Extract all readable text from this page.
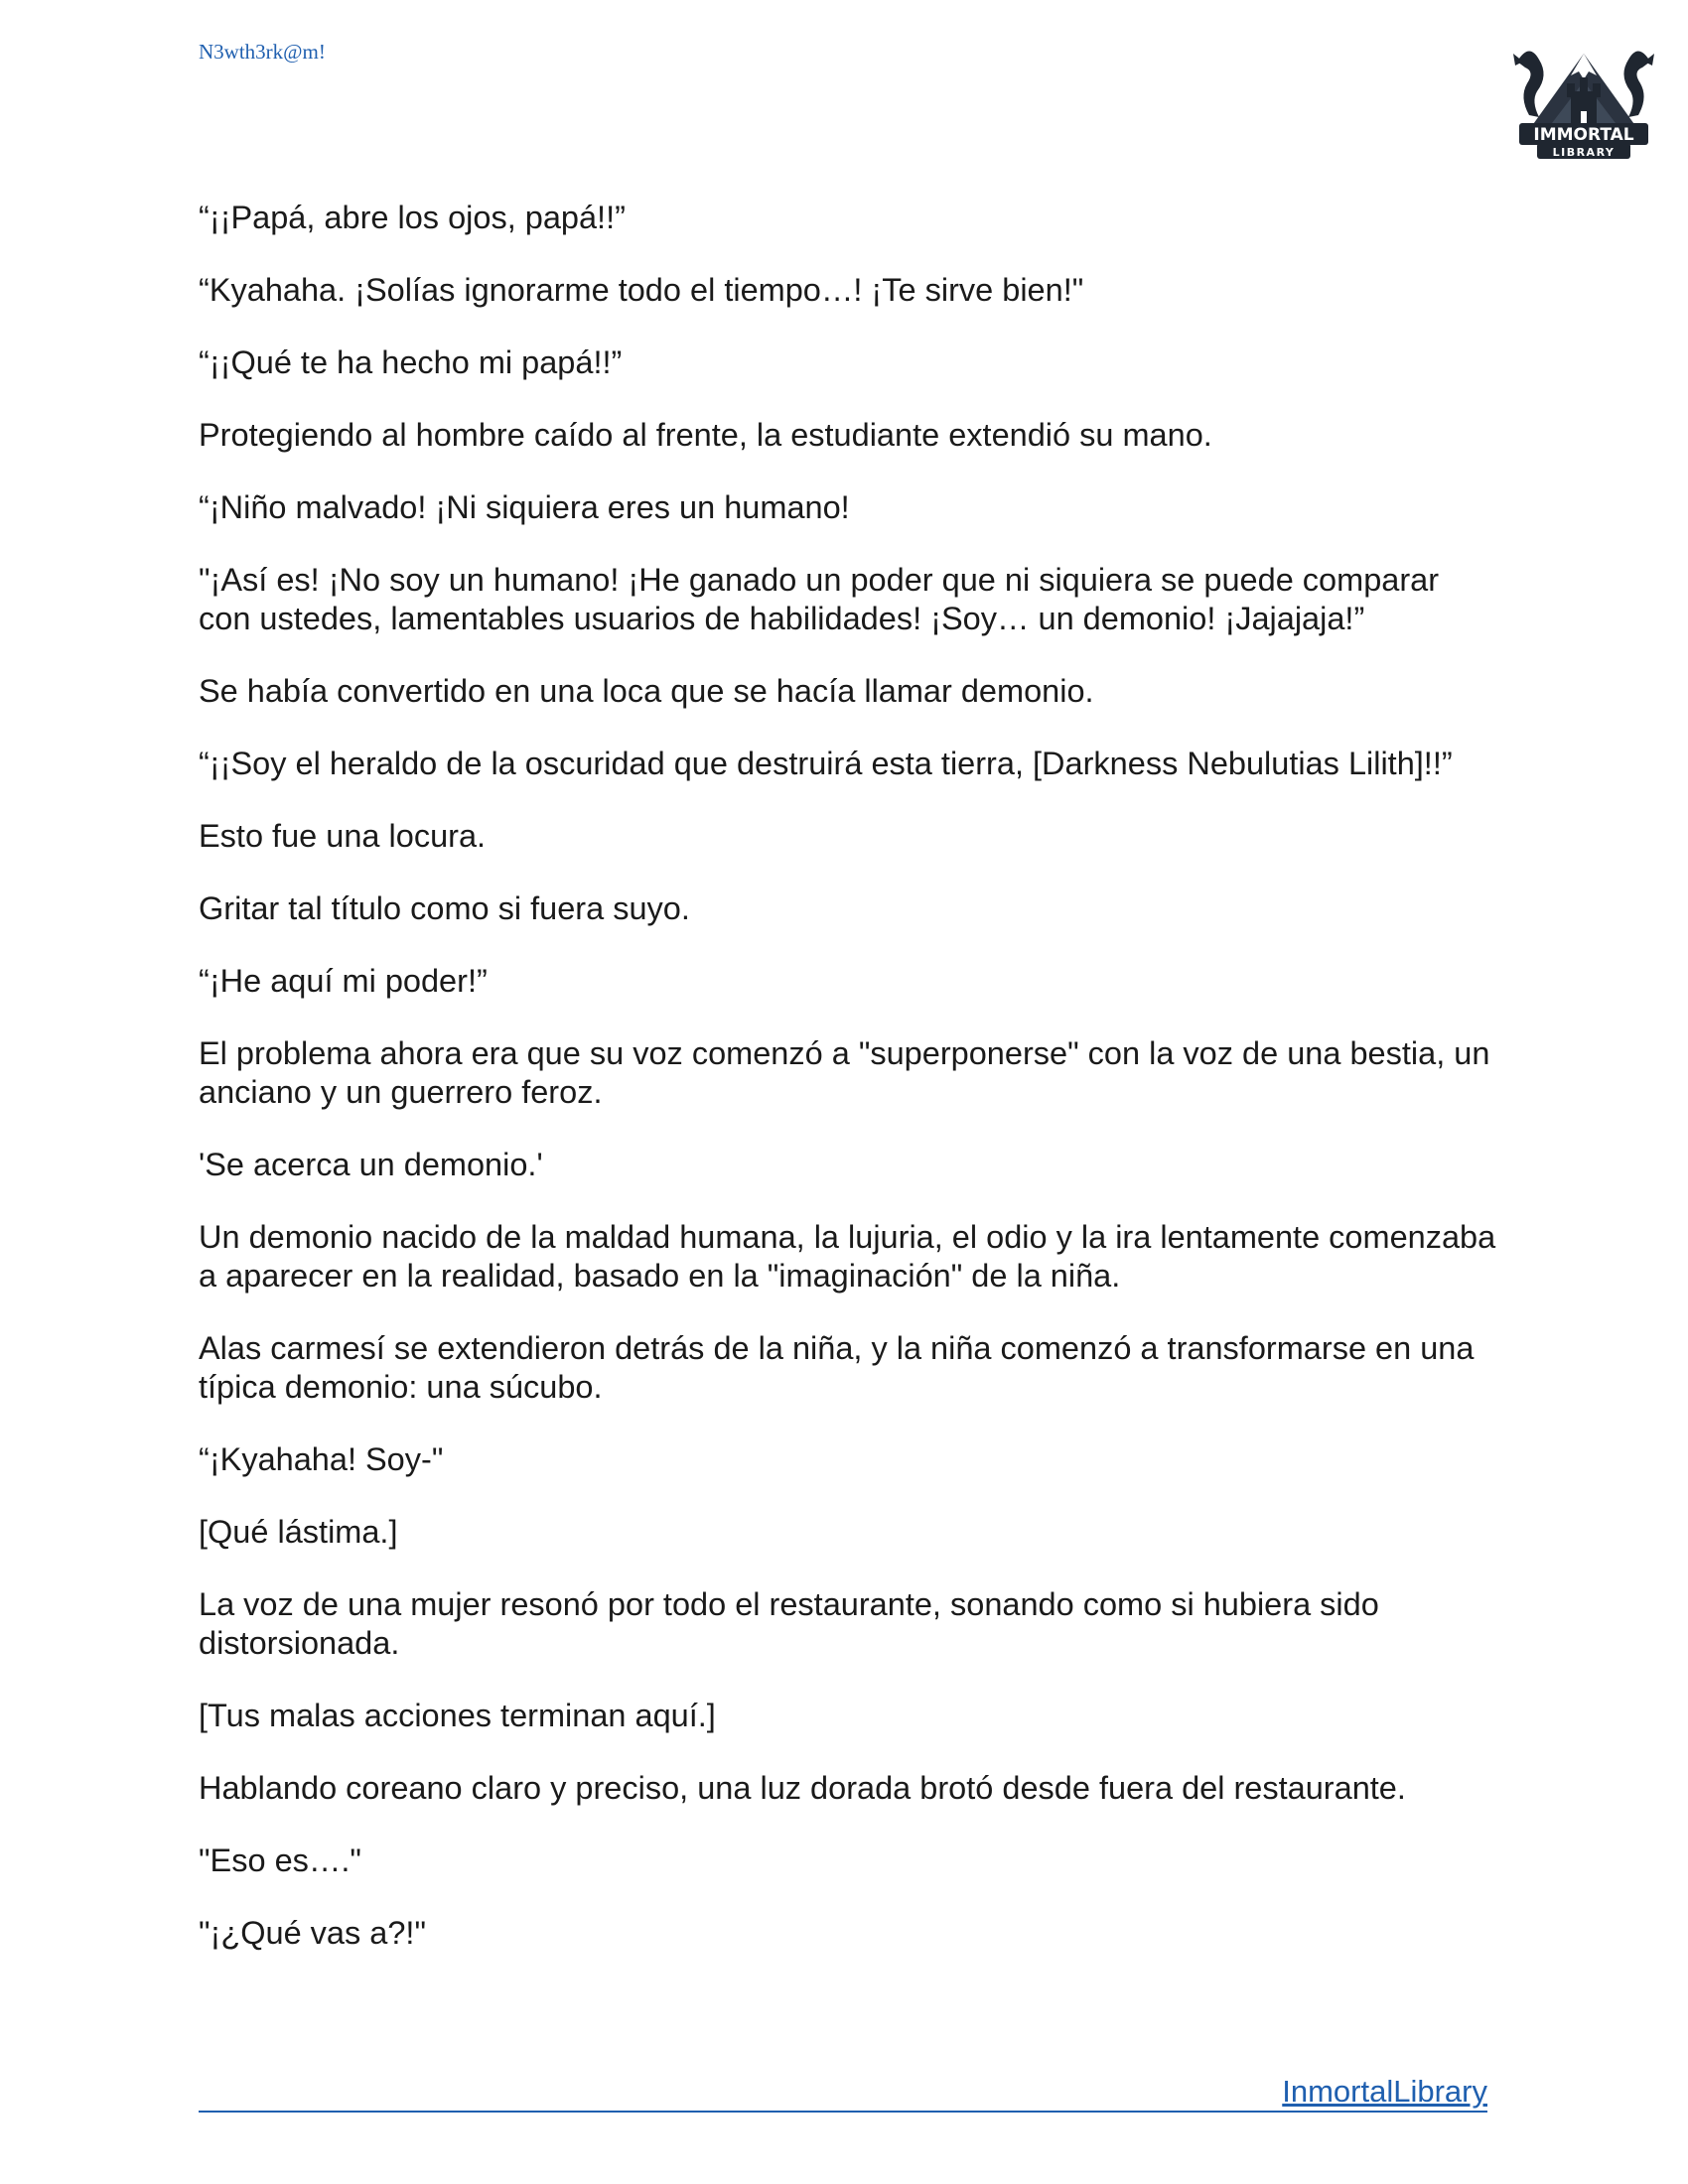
N3wth3rk@m!
IMMORTAL
LIBRARY

“¡¡Papá, abre los ojos, papá!!”

“Kyahaha. ¡Solías ignorarme todo el tiempo…! ¡Te sirve bien!"

“¡¡Qué te ha hecho mi papá!!”

Protegiendo al hombre caído al frente, la estudiante extendió su mano.

“¡Niño malvado! ¡Ni siquiera eres un humano!

"¡Así es! ¡No soy un humano! ¡He ganado un poder que ni siquiera se puede comparar con ustedes, lamentables usuarios de habilidades! ¡Soy… un demonio! ¡Jajajaja!”

Se había convertido en una loca que se hacía llamar demonio.

“¡¡Soy el heraldo de la oscuridad que destruirá esta tierra, [Darkness Nebulutias Lilith]!!”

Esto fue una locura.

Gritar tal título como si fuera suyo.

“¡He aquí mi poder!”

El problema ahora era que su voz comenzó a "superponerse" con la voz de una bestia, un anciano y un guerrero feroz.

'Se acerca un demonio.'

Un demonio nacido de la maldad humana, la lujuria, el odio y la ira lentamente comenzaba a aparecer en la realidad, basado en la "imaginación" de la niña.

Alas carmesí se extendieron detrás de la niña, y la niña comenzó a transformarse en una típica demonio: una súcubo.

“¡Kyahaha! Soy-"

[Qué lástima.]

La voz de una mujer resonó por todo el restaurante, sonando como si hubiera sido distorsionada.

[Tus malas acciones terminan aquí.]

Hablando coreano claro y preciso, una luz dorada brotó desde fuera del restaurante.

"Eso es…."

"¡¿Qué vas a?!"

InmortalLibrary
